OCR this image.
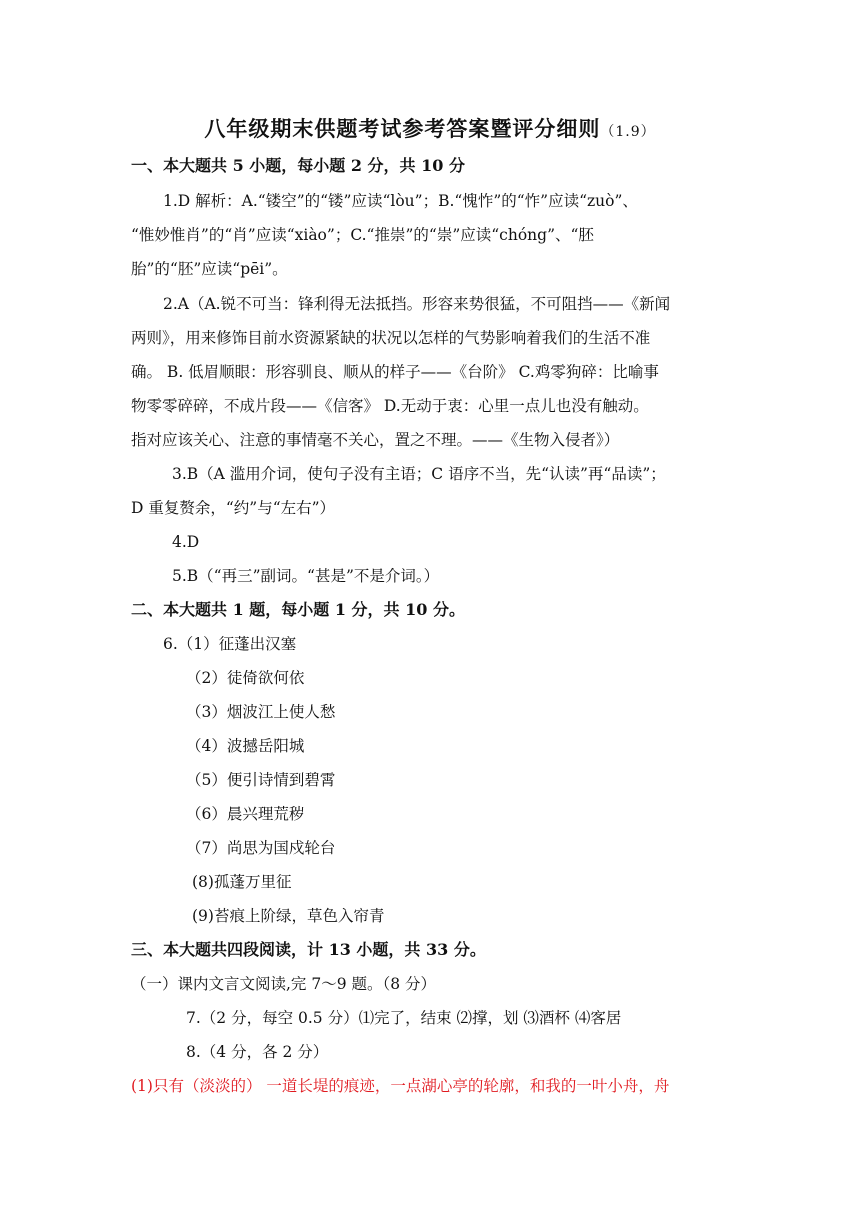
八年级期末供题考试参考答案暨评分细则（1.9）
一、本大题共 5 小题，每小题 2 分，共 10 分
1.D 解析：A.“镂空”的“镂”应读“lòu”；B.“愧怍”的“怍”应读“zuò”、
“惟妙惟肖”的“肖”应读“xiào”；C.“推崇”的“崇”应读“chóng”、“胚
胎”的“胚”应读“pēi”。
2.A（A.锐不可当：锋利得无法抵挡。形容来势很猛，不可阻挡——《新闻
两则》，用来修饰目前水资源紧缺的状况以怎样的气势影响着我们的生活不准
确。 B. 低眉顺眼：形容驯良、顺从的样子——《台阶》 C.鸡零狗碎：比喻事
物零零碎碎，不成片段——《信客》 D.无动于衷：心里一点儿也没有触动。
指对应该关心、注意的事情毫不关心，置之不理。——《生物入侵者》）
3.B（A 滥用介词，使句子没有主语；C 语序不当，先“认读”再“品读”；
D 重复赘余，“约”与“左右”）
4.D
5.B（“再三”副词。“甚是”不是介词。）
二、本大题共 1 题，每小题 1 分，共 10 分。
6.（1）征蓬出汉塞
（2）徒倚欲何依
（3）烟波江上使人愁
（4）波撼岳阳城
（5）便引诗情到碧霄
（6）晨兴理荒秽
（7）尚思为国戍轮台
(8)孤蓬万里征
(9)苔痕上阶绿，草色入帘青
三、本大题共四段阅读，计 13 小题，共 33 分。
（一）课内文言文阅读,完 7～9 题。（8 分）
7.（2 分，每空 0.5 分）⑴完了，结束 ⑵撑，划 ⑶酒杯 ⑷客居
8.（4 分，各 2 分）
(1)只有（淡淡的） 一道长堤的痕迹，一点湖心亭的轮廓，和我的一叶小舟，舟
